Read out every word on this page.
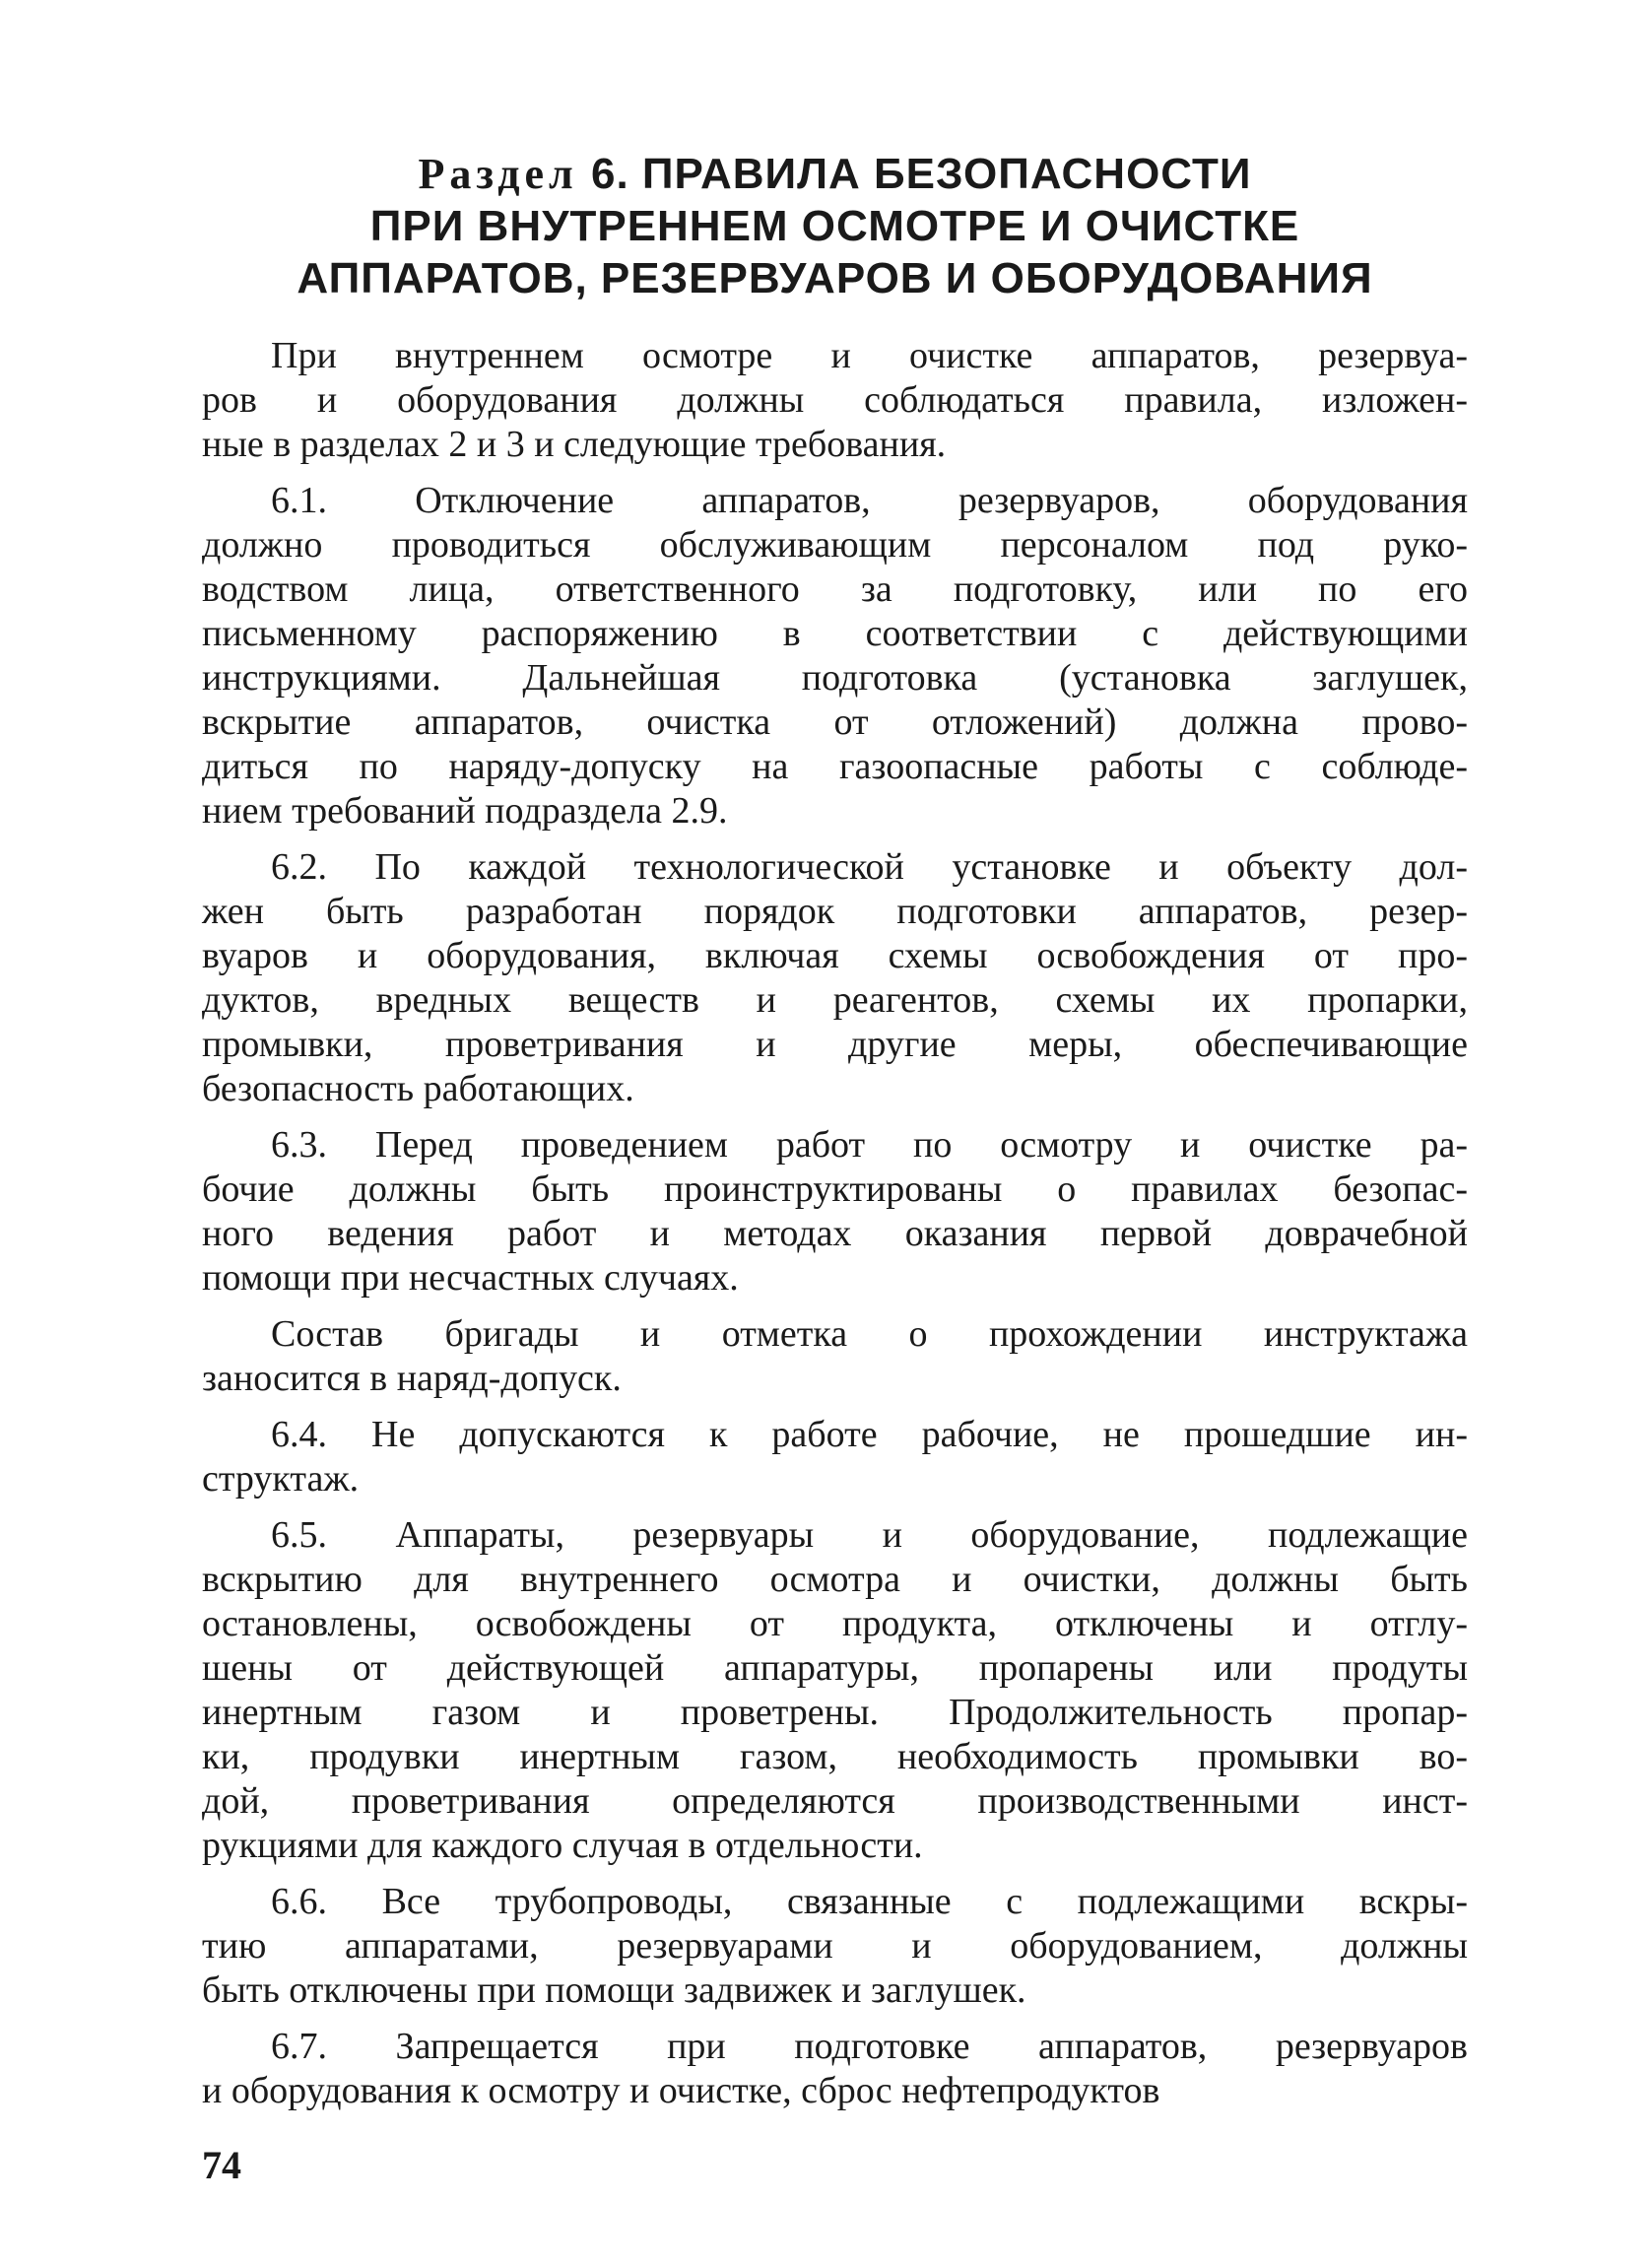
Раздел 6. ПРАВИЛА БЕЗОПАСНОСТИ
ПРИ ВНУТРЕННЕМ ОСМОТРЕ И ОЧИСТКЕ
АППАРАТОВ, РЕЗЕРВУАРОВ И ОБОРУДОВАНИЯ
При внутреннем осмотре и очистке аппаратов, резервуа-
ров и оборудования должны соблюдаться правила, изложен-
ные в разделах 2 и 3 и следующие требования.
6.1. Отключение аппаратов, резервуаров, оборудования
должно проводиться обслуживающим персоналом под руко-
водством лица, ответственного за подготовку, или по его
письменному распоряжению в соответствии с действующими
инструкциями. Дальнейшая подготовка (установка заглушек,
вскрытие аппаратов, очистка от отложений) должна прово-
диться по наряду-допуску на газоопасные работы с соблюде-
нием требований подраздела 2.9.
6.2. По каждой технологической установке и объекту дол-
жен быть разработан порядок подготовки аппаратов, резер-
вуаров и оборудования, включая схемы освобождения от про-
дуктов, вредных веществ и реагентов, схемы их пропарки,
промывки, проветривания и другие меры, обеспечивающие
безопасность работающих.
6.3. Перед проведением работ по осмотру и очистке ра-
бочие должны быть проинструктированы о правилах безопас-
ного ведения работ и методах оказания первой доврачебной
помощи при несчастных случаях.
Состав бригады и отметка о прохождении инструктажа
заносится в наряд-допуск.
6.4. Не допускаются к работе рабочие, не прошедшие ин-
структаж.
6.5. Аппараты, резервуары и оборудование, подлежащие
вскрытию для внутреннего осмотра и очистки, должны быть
остановлены, освобождены от продукта, отключены и отглу-
шены от действующей аппаратуры, пропарены или продуты
инертным газом и проветрены. Продолжительность пропар-
ки, продувки инертным газом, необходимость промывки во-
дой, проветривания определяются производственными инст-
рукциями для каждого случая в отдельности.
6.6. Все трубопроводы, связанные с подлежащими вскры-
тию аппаратами, резервуарами и оборудованием, должны
быть отключены при помощи задвижек и заглушек.
6.7. Запрещается при подготовке аппаратов, резервуаров
и оборудования к осмотру и очистке, сброс нефтепродуктов
74
